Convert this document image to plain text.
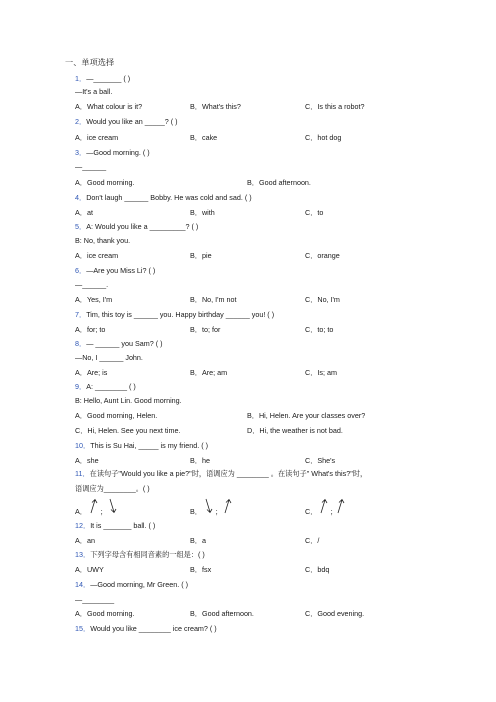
一、单项选择
1．—_______ ( )
—It's a ball.
A．What colour is it?	B．What's this?	C．Is this a robot?
2．Would you like an _____? ( )
A．ice cream	B．cake	C．hot dog
3．—Good morning. ( )
—______
A．Good morning.	B．Good afternoon.
4．Don't laugh ______ Bobby. He was cold and sad. ( )
A．at	B．with	C．to
5．A: Would you like a _________? ( )
B: No, thank you.
A．ice cream	B．pie	C．orange
6．—Are you Miss Li? ( )
—______.
A．Yes, I'm	B．No, I'm not	C．No, I'm
7．Tim, this toy is ______ you. Happy birthday ______ you! ( )
A．for; to	B．to; for	C．to; to
8．— ______ you Sam? ( )
—No, I ______ John.
A．Are; is	B．Are; am	C．Is; am
9．A: ________ ( )
B: Hello, Aunt Lin. Good morning.
A．Good morning, Helen.	B．Hi, Helen. Are your classes over?
C．Hi, Helen. See you next time.	D．Hi, the weather is not bad.
10．This is Su Hai, _____ is my friend. ( )
A．she	B．he	C．She's
11．在读句子"Would you like a pie?"时，语调应为 ________ 。在读句子" What's this?"时，
语调应为________。( )
A． ；	B． ；	C． ；
12．It is _______ ball. ( )
A．an	B．a	C．/
13．下列字母含有相同音素的一组是：( )
A．UWY	B．fsx	C．bdq
14．—Good morning, Mr Green. ( )
—________
A．Good morning.	B．Good afternoon.	C．Good evening.
15．Would you like ________ ice cream? ( )
